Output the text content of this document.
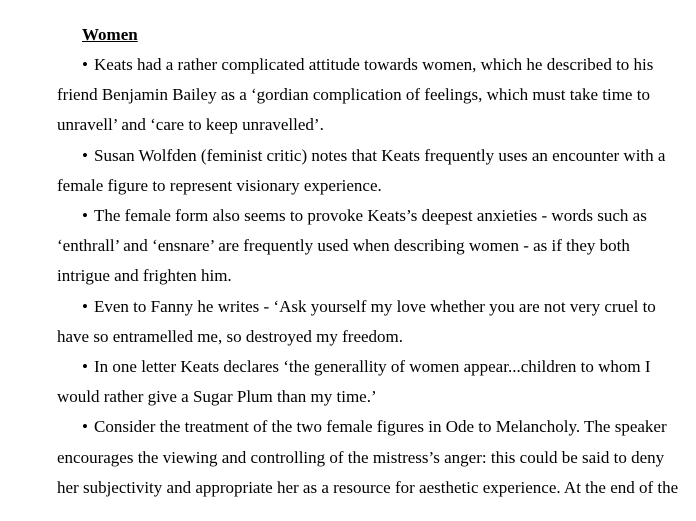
Women
• Keats had a rather complicated attitude towards women, which he described to his
friend Benjamin Bailey as a ‘gordian complication of feelings, which must take time to
unravell’ and ‘care to keep unravelled’.
• Susan Wolfden (feminist critic) notes that Keats frequently uses an encounter with a
female figure to represent visionary experience.
• The female form also seems to provoke Keats’s deepest anxieties - words such as
‘enthrall’ and ‘ensnare’ are frequently used when describing women - as if they both
intrigue and frighten him.
• Even to Fanny he writes - ‘Ask yourself my love whether you are not very cruel to
have so entramelled me, so destroyed my freedom.
• In one letter Keats declares ‘the generallity of women appear...children to whom I
would rather give a Sugar Plum than my time.’
• Consider the treatment of the two female figures in Ode to Melancholy. The speaker
encourages the viewing and controlling of the mistress’s anger: this could be said to deny
her subjectivity and appropriate her as a resource for aesthetic experience. At the end of the
